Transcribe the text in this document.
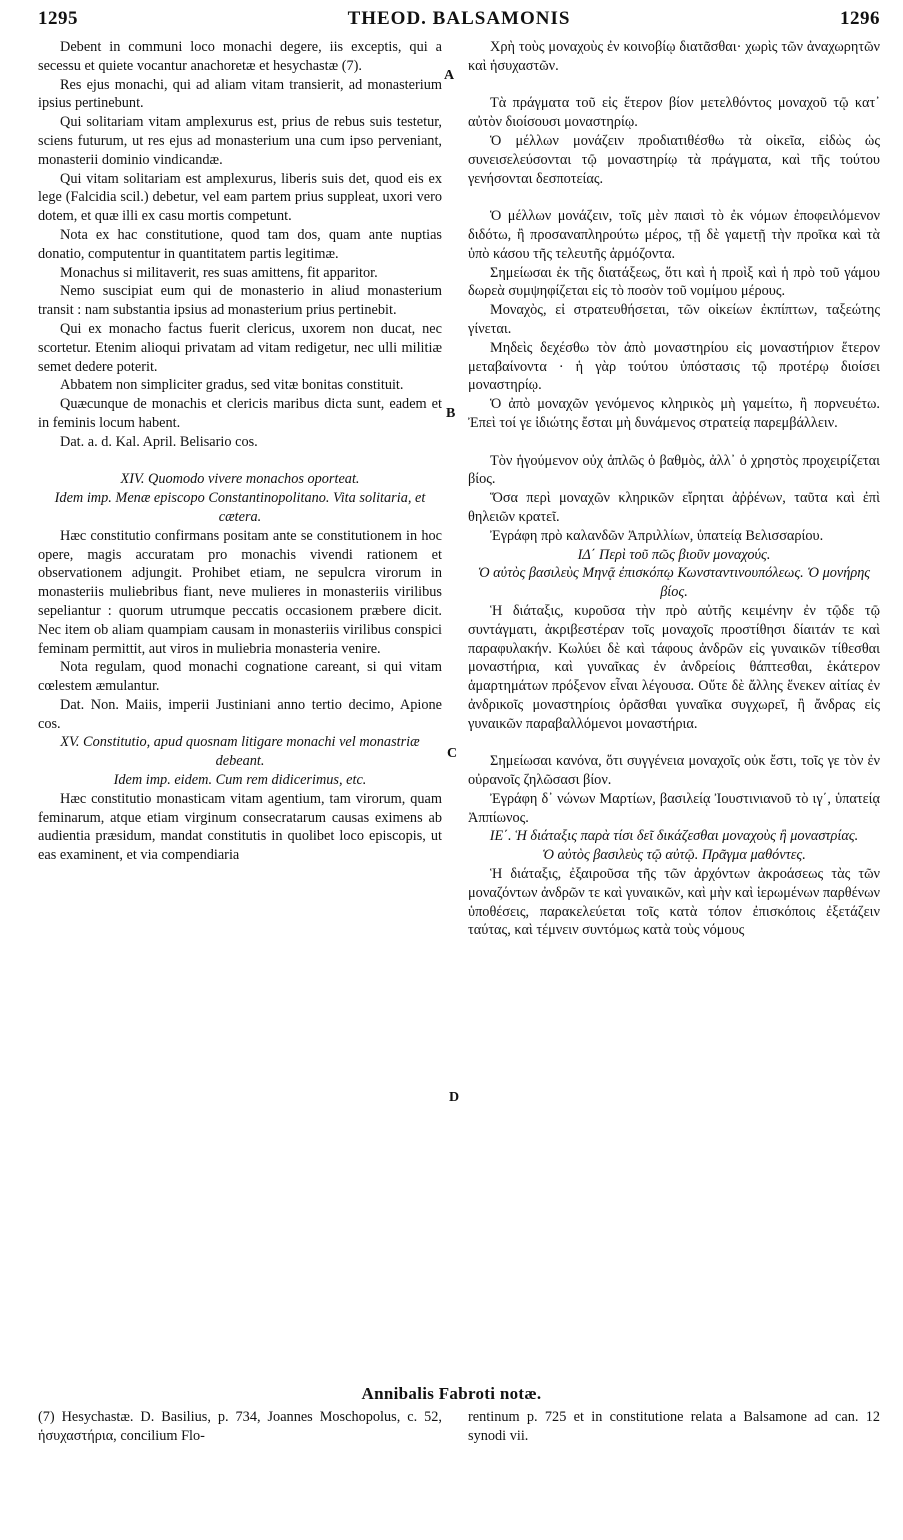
1295	THEOD. BALSAMONIS	1296
A
B
C
D

Debent in communi loco monachi degere, iis exceptis, qui a secessu et quiete vocantur anachoretæ et hesychastæ (7).

Res ejus monachi, qui ad aliam vitam transierit, ad monasterium ipsius pertinebunt.

Qui solitariam vitam amplexurus est, prius de rebus suis testetur, sciens futurum, ut res ejus ad monasterium una cum ipso perveniant, monasterii dominio vindicandæ.

Qui vitam solitariam est amplexurus, liberis suis det, quod eis ex lege (Falcidia scil.) debetur, vel eam partem prius suppleat, uxori vero dotem, et quæ illi ex casu mortis competunt.

Nota ex hac constitutione, quod tam dos, quam ante nuptias donatio, computentur in quantitatem partis legitimæ.

Monachus si militaverit, res suas amittens, fit apparitor.

Nemo suscipiat eum qui de monasterio in aliud monasterium transit : nam substantia ipsius ad monasterium prius pertinebit.

Qui ex monacho factus fuerit clericus, uxorem non ducat, nec scortetur. Etenim alioqui privatam ad vitam redigetur, nec ulli militiæ semet dedere poterit.

Abbatem non simpliciter gradus, sed vitæ bonitas constituit.

Quæcunque de monachis et clericis maribus dicta sunt, eadem et in feminis locum habent.

Dat. a. d. Kal. April. Belisario cos.

XIV. Quomodo vivere monachos oporteat.

Idem imp. Menæ episcopo Constantinopolitano. Vita solitaria, et cætera.

Hæc constitutio confirmans positam ante se constitutionem in hoc opere, magis accuratam pro monachis vivendi rationem et observationem adjungit. Prohibet etiam, ne sepulcra virorum in monasteriis muliebribus fiant, neve mulieres in monasteriis virilibus sepeliantur : quorum utrumque peccatis occasionem præbere dicit. Nec item ob aliam quampiam causam in monasteriis virilibus conspici feminam permittit, aut viros in muliebria monasteria venire.

Nota regulam, quod monachi cognatione careant, si qui vitam cœlestem æmulantur.

Dat. Non. Maiis, imperii Justiniani anno tertio decimo, Apione cos.

XV. Constitutio, apud quosnam litigare monachi vel monastriæ debeant.

Idem imp. eidem. Cum rem didicerimus, etc.

Hæc constitutio monasticam vitam agentium, tam virorum, quam feminarum, atque etiam virginum consecratarum causas eximens ab audientia præsidum, mandat constitutis in quolibet loco episcopis, ut eas examinent, et via compendiaria

Χρὴ τοὺς μοναχοὺς ἐν κοινοβίῳ διατᾶσθαι· χωρὶς τῶν ἀναχωρητῶν καὶ ἡσυχαστῶν.

Τὰ πράγματα τοῦ εἰς ἕτερον βίον μετελθόντος μοναχοῦ τῷ κατ᾽ αὐτὸν διοίσουσι μοναστηρίῳ.

Ὁ μέλλων μονάζειν προδιατιθέσθω τὰ οἰκεῖα, εἰδὼς ὡς συνεισελεύσονται τῷ μοναστηρίῳ τὰ πράγματα, καὶ τῆς τούτου γενήσονται δεσποτείας.

Ὁ μέλλων μονάζειν, τοῖς μὲν παισὶ τὸ ἐκ νόμων ἐποφειλόμενον διδότω, ἢ προσαναπληρούτω μέρος, τῇ δὲ γαμετῇ τὴν προῖκα καὶ τὰ ὑπὸ κάσου τῆς τελευτῆς ἁρμόζοντα.

Σημείωσαι ἐκ τῆς διατάξεως, ὅτι καὶ ἡ προὶξ καὶ ἡ πρὸ τοῦ γάμου δωρεὰ συμψηφίζεται εἰς τὸ ποσὸν τοῦ νομίμου μέρους.

Μοναχὸς, εἰ στρατευθήσεται, τῶν οἰκείων ἐκπίπτων, ταξεώτης γίνεται.

Μηδεὶς δεχέσθω τὸν ἀπὸ μοναστηρίου εἰς μοναστήριον ἕτερον μεταβαίνοντα · ἡ γὰρ τούτου ὑπόστασις τῷ προτέρῳ διοίσει μοναστηρίῳ.

Ὁ ἀπὸ μοναχῶν γενόμενος κληρικὸς μὴ γαμείτω, ἢ πορνευέτω. Ἐπεὶ τοί γε ἰδιώτης ἔσται μὴ δυνάμενος στρατείᾳ παρεμβάλλειν.

Τὸν ἡγούμενον οὐχ ἁπλῶς ὁ βαθμὸς, ἀλλ᾽ ὁ χρηστὸς προχειρίζεται βίος.

Ὅσα περὶ μοναχῶν κληρικῶν εἴρηται ἀῤῥένων, ταῦτα καὶ ἐπὶ θηλειῶν κρατεῖ.

Ἐγράφη πρὸ καλανδῶν Ἀπριλλίων, ὑπατείᾳ Βελισσαρίου.

ΙΔ΄ Περὶ τοῦ πῶς βιοῦν μοναχούς.

Ὁ αὐτὸς βασιλεὺς Μηνᾷ ἐπισκόπῳ Κωνσταντινουπόλεως. Ὁ μονήρης βίος.

Ἡ διάταξις, κυροῦσα τὴν πρὸ αὐτῆς κειμένην ἐν τῷδε τῷ συντάγματι, ἀκριβεστέραν τοῖς μοναχοῖς προστίθησι δίαιτάν τε καὶ παραφυλακήν. Κωλύει δὲ καὶ τάφους ἀνδρῶν εἰς γυναικῶν τίθεσθαι μοναστήρια, καὶ γυναῖκας ἐν ἀνδρείοις θάπτεσθαι, ἑκάτερον ἁμαρτημάτων πρόξενον εἶναι λέγουσα. Οὔτε δὲ ἄλλης ἕνεκεν αἰτίας ἐν ἀνδρικοῖς μοναστηρίοις ὁρᾶσθαι γυναῖκα συγχωρεῖ, ἢ ἄνδρας εἰς γυναικῶν παραβαλλόμενοι μοναστήρια.

Σημείωσαι κανόνα, ὅτι συγγένεια μοναχοῖς οὐκ ἔστι, τοῖς γε τὸν ἐν οὐρανοῖς ζηλῶσασι βίον.

Ἐγράφη δ᾽ νώνων Μαρτίων, βασιλείᾳ Ἰουστινιανοῦ τὸ ιγ΄, ὑπατείᾳ Ἀππίωνος.

ΙΕ΄. Ἡ διάταξις παρὰ τίσι δεῖ δικάζεσθαι μοναχοὺς ἢ μοναστρίας.

Ὁ αὐτὸς βασιλεὺς τῷ αὐτῷ. Πρᾶγμα μαθόντες.

Ἡ διάταξις, ἐξαιροῦσα τῆς τῶν ἀρχόντων ἀκροάσεως τὰς τῶν μοναζόντων ἀνδρῶν τε καὶ γυναικῶν, καὶ μὴν καὶ ἱερωμένων παρθένων ὑποθέσεις, παρακελεύεται τοῖς κατὰ τόπον ἐπισκόποις ἐξετάζειν ταύτας, καὶ τέμνειν συντόμως κατὰ τοὺς νόμους

Annibalis Fabroti notæ.

(7) Hesychastæ. D. Basilius, p. 734, Joannes Moschopolus, c. 52, ἡσυχαστήρια, concilium Flo-

rentinum p. 725 et in constitutione relata a Balsamone ad can. 12 synodi vii.
